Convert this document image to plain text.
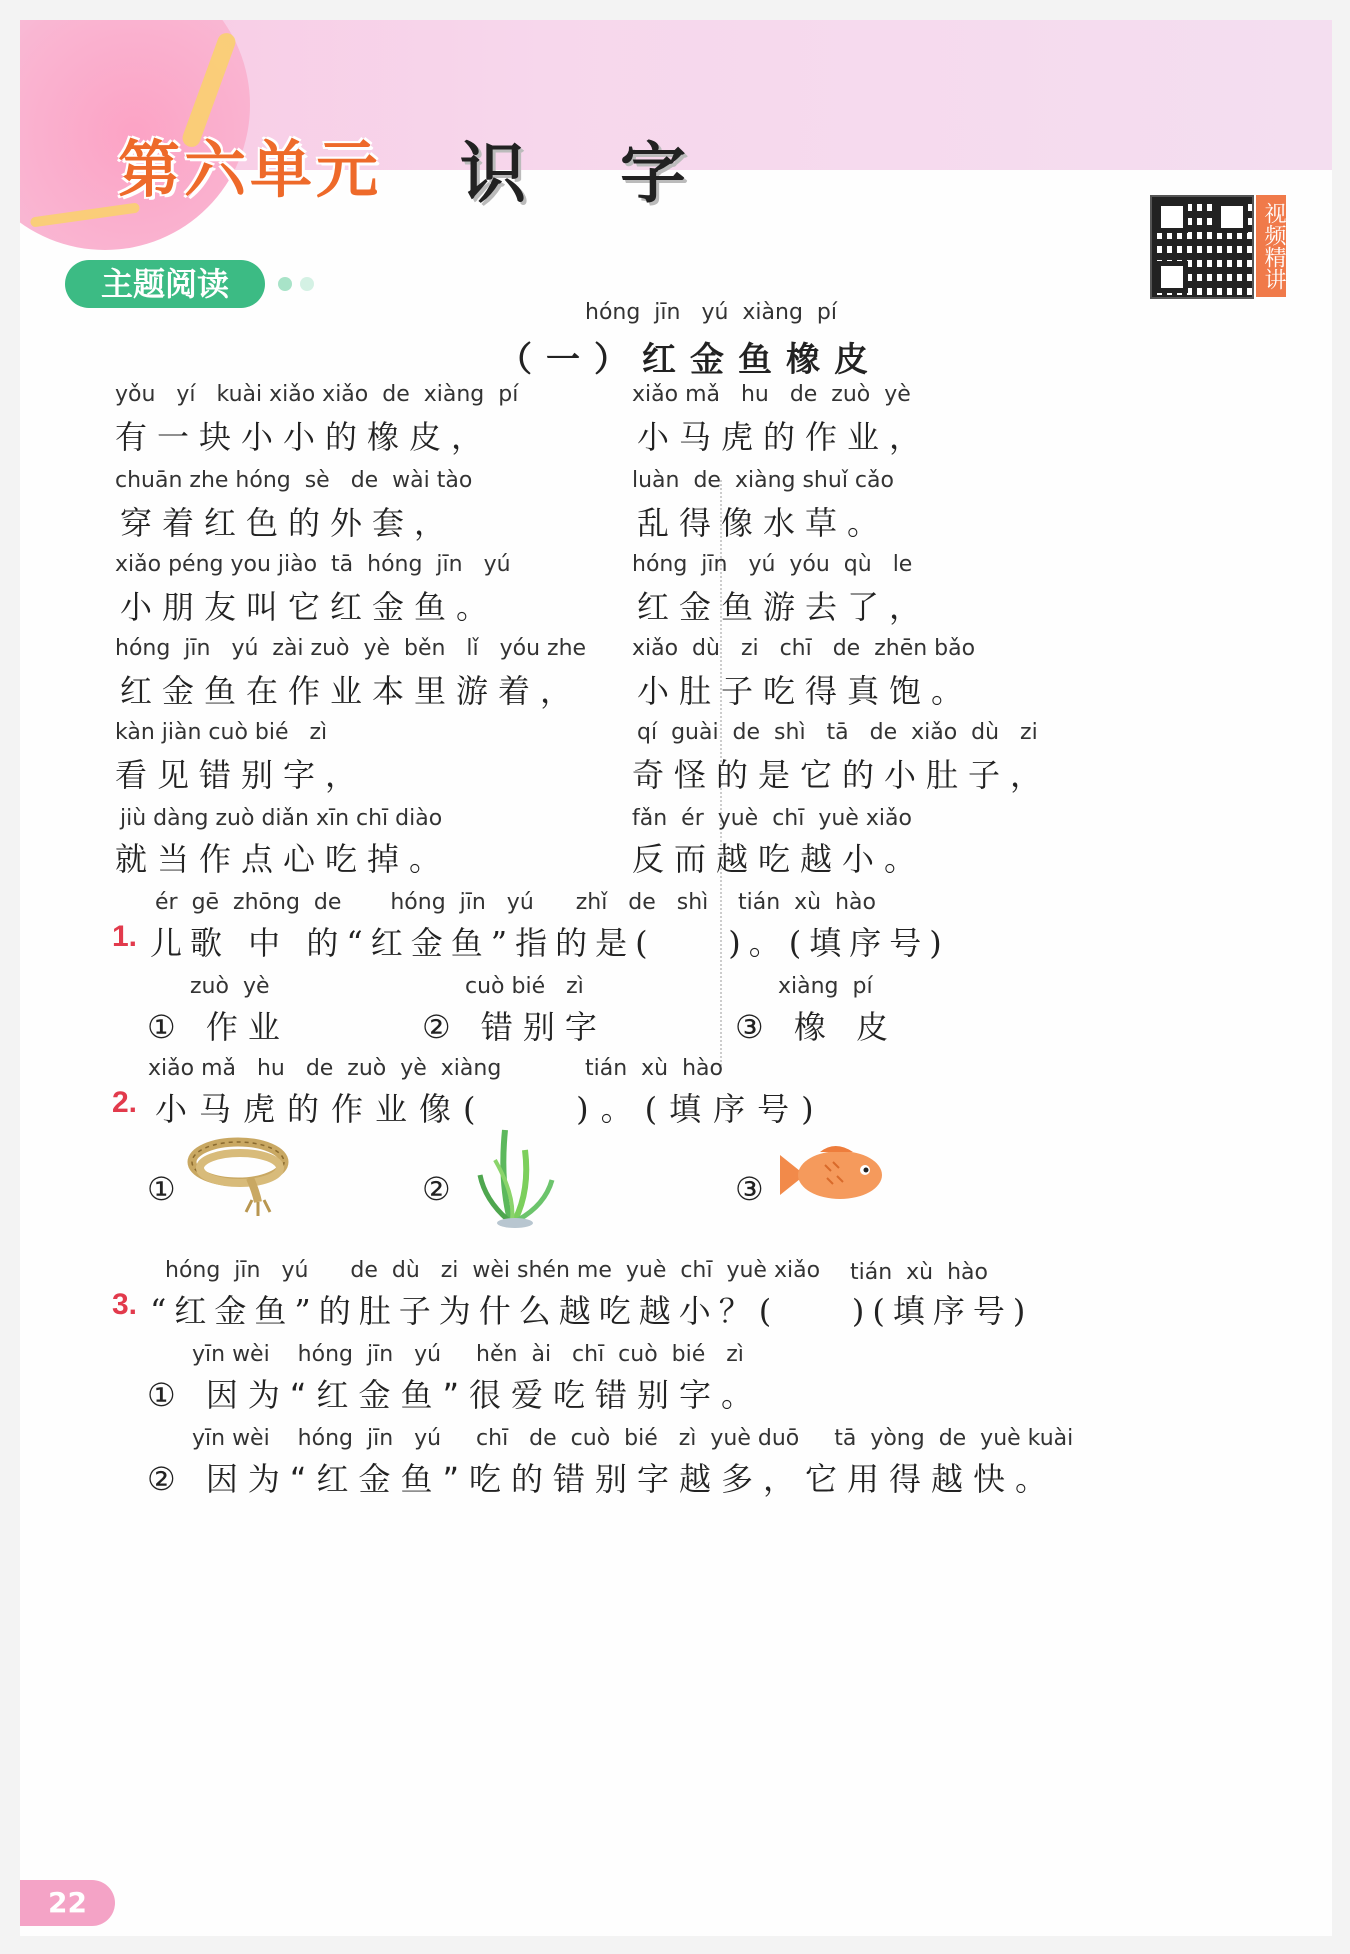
第六单元 识 字
视频精讲
主题阅读
hóng  jīn   yú  xiàng  pí
（一）红金鱼橡皮
yǒu   yí   kuài xiǎo xiǎo  de  xiàng  pí
有一块小小的橡皮，
chuān zhe hóng  sè   de  wài tào
穿着红色的外套，
xiǎo péng you jiào  tā  hóng  jīn   yú
小朋友叫它红金鱼。
hóng  jīn   yú  zài zuò  yè  běn   lǐ   yóu zhe
红金鱼在作业本里游着，
kàn jiàn cuò bié   zì
看见错别字，
jiù dàng zuò diǎn xīn chī diào
就当作点心吃掉。
xiǎo mǎ   hu   de  zuò  yè
小马虎的作业，
luàn  de  xiàng shuǐ cǎo
乱得像水草。
hóng  jīn   yú  yóu  qù   le
红金鱼游去了，
xiǎo  dù   zi   chī   de  zhēn bǎo
小肚子吃得真饱。
qí  guài  de  shì   tā   de  xiǎo  dù   zi
奇怪的是它的小肚子，
fǎn  ér  yuè  chī  yuè xiǎo
反而越吃越小。
ér  gē  zhōng  de       hóng  jīn   yú      zhǐ   de   shì tián  xù  hào
1. 儿歌 中 的“红金鱼”指的是(    )。(填序号)
zuò  yè
① 作业
cuò bié   zì
② 错别字
xiàng  pí
③ 橡 皮
xiǎo mǎ   hu   de  zuò  yè  xiàng	tián  xù  hào
2. 小马虎的作业像(    )。(填序号)
①	②	③
hóng  jīn   yú      de  dù   zi  wèi shén me  yuè  chī  yuè xiǎo tián  xù  hào
3. “红金鱼”的肚子为什么越吃越小？(    )(填序号)
yīn wèi    hóng  jīn   yú     hěn  ài   chī  cuò  bié   zì
① 因为“红金鱼”很爱吃错别字。
yīn wèi    hóng  jīn   yú     chī   de  cuò  bié   zì  yuè duō     tā  yòng  de  yuè kuài
② 因为“红金鱼”吃的错别字越多，它用得越快。
22
